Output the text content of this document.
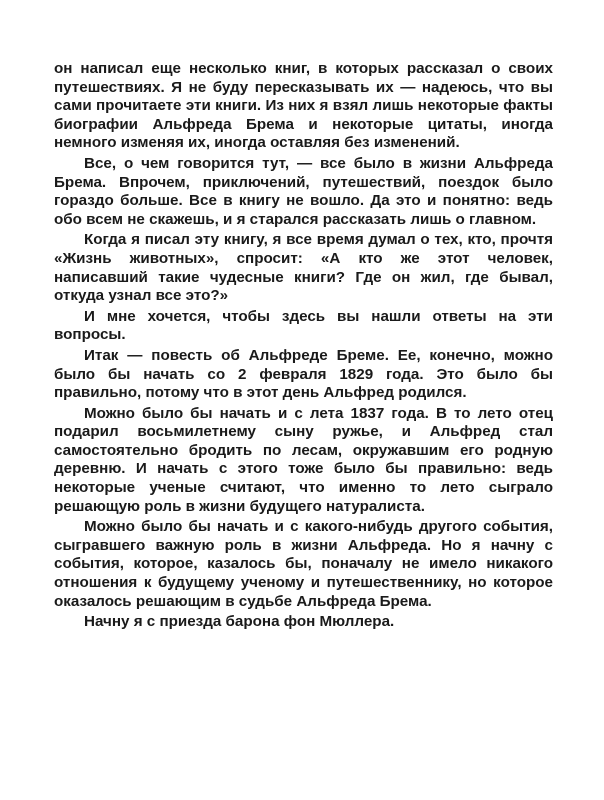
он написал еще несколько книг, в которых рассказал о своих путешествиях. Я не буду пересказывать их — надеюсь, что вы сами прочитаете эти книги. Из них я взял лишь некоторые факты биографии Альфреда Брема и некоторые цитаты, иногда немного изменяя их, иногда оставляя без изменений.

Все, о чем говорится тут, — все было в жизни Альфреда Брема. Впрочем, приключений, путешествий, поездок было гораздо больше. Все в книгу не вошло. Да это и понятно: ведь обо всем не скажешь, и я старался рассказать лишь о главном.

Когда я писал эту книгу, я все время думал о тех, кто, прочтя «Жизнь животных», спросит: «А кто же этот человек, написавший такие чудесные книги? Где он жил, где бывал, откуда узнал все это?»

И мне хочется, чтобы здесь вы нашли ответы на эти вопросы.

Итак — повесть об Альфреде Бреме. Ее, конечно, можно было бы начать со 2 февраля 1829 года. Это было бы правильно, потому что в этот день Альфред родился.

Можно было бы начать и с лета 1837 года. В то лето отец подарил восьмилетнему сыну ружье, и Альфред стал самостоятельно бродить по лесам, окружавшим его родную деревню. И начать с этого тоже было бы правильно: ведь некоторые ученые считают, что именно то лето сыграло решающую роль в жизни будущего натуралиста.

Можно было бы начать и с какого-нибудь другого события, сыгравшего важную роль в жизни Альфреда. Но я начну с события, которое, казалось бы, поначалу не имело никакого отношения к будущему ученому и путешественнику, но которое оказалось решающим в судьбе Альфреда Брема.

Начну я с приезда барона фон Мюллера.
